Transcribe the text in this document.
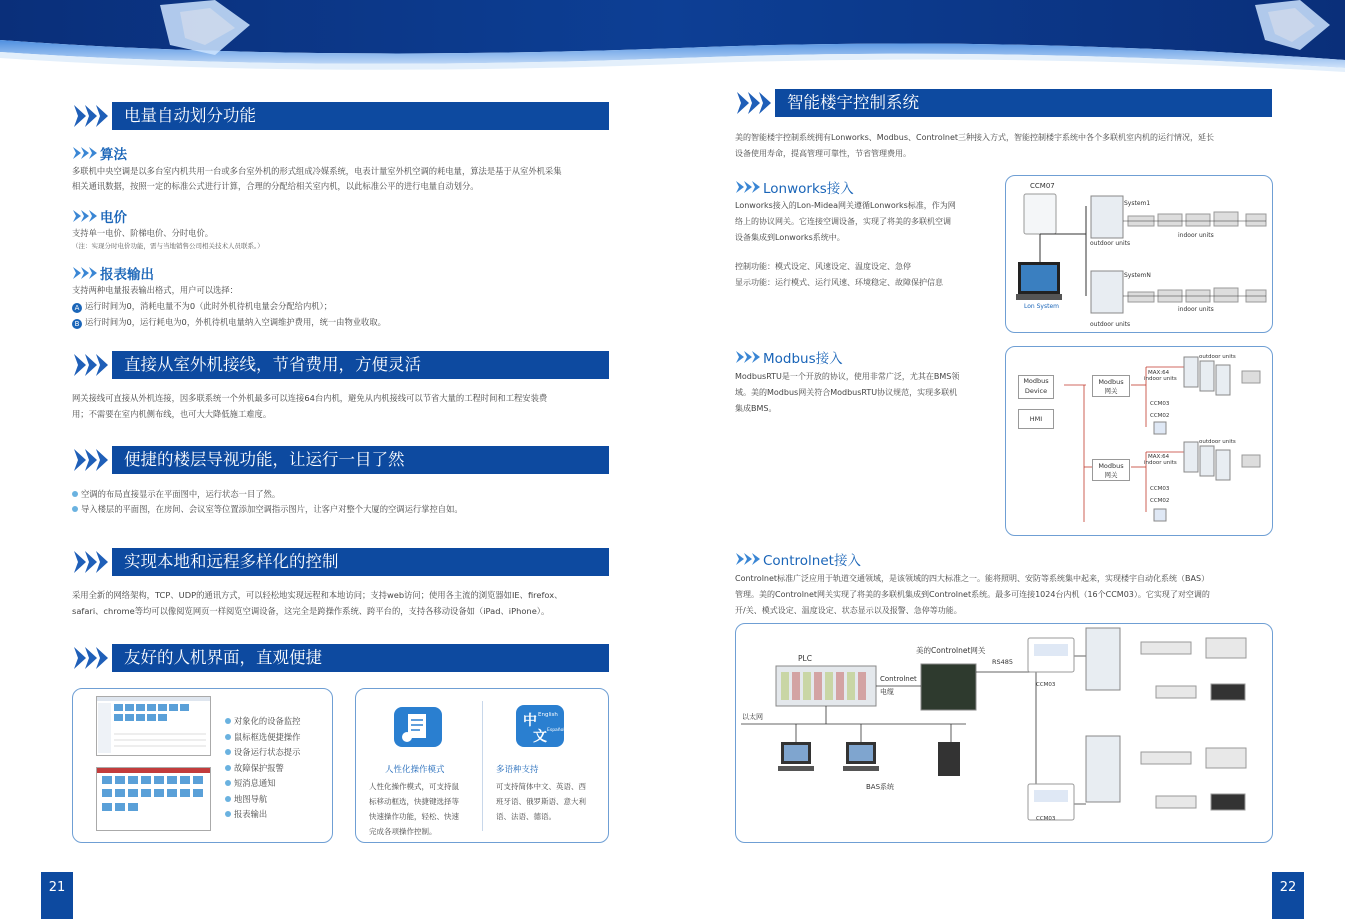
电量自动划分功能
算法
多联机中央空调是以多台室内机共用一台或多台室外机的形式组成冷媒系统，电表计量室外机空调的耗电量，算法是基于从室外机采集
相关通讯数据，按照一定的标准公式进行计算，合理的分配给相关室内机，以此标准公平的进行电量自动划分。
电价
支持单一电价、阶梯电价、分时电价。
（注：实现分时电价功能，需与当地销售公司相关技术人员联系。）
报表输出
支持两种电量报表输出格式，用户可以选择：
A 运行时间为0，消耗电量不为0（此时外机待机电量会分配给内机）；
B 运行时间为0，运行耗电为0，外机待机电量纳入空调维护费用，统一由物业收取。
直接从室外机接线，节省费用，方便灵活
网关接线可直接从外机连接，因多联系统一个外机最多可以连接64台内机，避免从内机接线可以节省大量的工程时间和工程安装费
用；不需要在室内机侧布线，也可大大降低施工难度。
便捷的楼层导视功能，让运行一目了然
空调的布局直接显示在平面图中，运行状态一目了然。
导入楼层的平面图，在房间、会议室等位置添加空调指示图片，让客户对整个大厦的空调运行掌控自如。
实现本地和远程多样化的控制
采用全新的网络架构，TCP、UDP的通讯方式，可以轻松地实现远程和本地访问；支持web访问；使用各主流的浏览器如IE、firefox、
safari、chrome等均可以像阅览网页一样阅览空调设备，这完全是跨操作系统、跨平台的，支持各移动设备如（iPad、iPhone）。
友好的人机界面，直观便捷
对象化的设备监控
鼠标框选便捷操作
设备运行状态提示
故障保护报警
短消息通知
地图导航
报表输出
中
文
English
Español
人性化操作模式	多语种支持
人性化操作模式，可支持鼠
标移动框选，快捷键选择等
快速操作功能，轻松、快速
完成各项操作控制。
可支持简体中文、英语、西
班牙语、俄罗斯语、意大利
语、法语、德语。
21
智能楼宇控制系统
美的智能楼宇控制系统拥有Lonworks、Modbus、Controlnet三种接入方式，智能控制楼宇系统中各个多联机室内机的运行情况，延长
设备使用寿命，提高管理可靠性，节省管理费用。
Lonworks接入
Lonworks接入的Lon-Midea网关遵循Lonworks标准，作为网
络上的协议网关。它连接空调设备，实现了将美的多联机空调
设备集成到Lonworks系统中。
控制功能：模式设定、风速设定、温度设定、急停
显示功能：运行模式、运行风速、环境稳定、故障保护信息
CCM07
System1
SystemN
indoor units
indoor units
outdoor units
outdoor units
Lon System
Modbus接入
ModbusRTU是一个开放的协议，使用非常广泛，尤其在BMS领
域。美的Modbus网关符合ModbusRTU协议规范，实现多联机
集成BMS。
Modbus Device
HMI
Modbus
网关
Modbus
网关
MAX:64
indoor units
MAX:64
indoor units
outdoor units
outdoor units
CCM03
CCM02
CCM03
CCM02
Controlnet接入
Controlnet标准广泛应用于轨道交通领域，是该领域的四大标准之一。能将照明、安防等系统集中起来，实现楼宇自动化系统（BAS）
管理。美的Controlnet网关实现了将美的多联机集成到Controlnet系统。最多可连接1024台内机（16个CCM03）。它实现了对空调的
开/关、模式设定、温度设定、状态显示以及报警、急停等功能。
PLC
美的Controlnet网关
RS485
Controlnet
电缆
以太网
BAS系统
CCM03
CCM03
22
